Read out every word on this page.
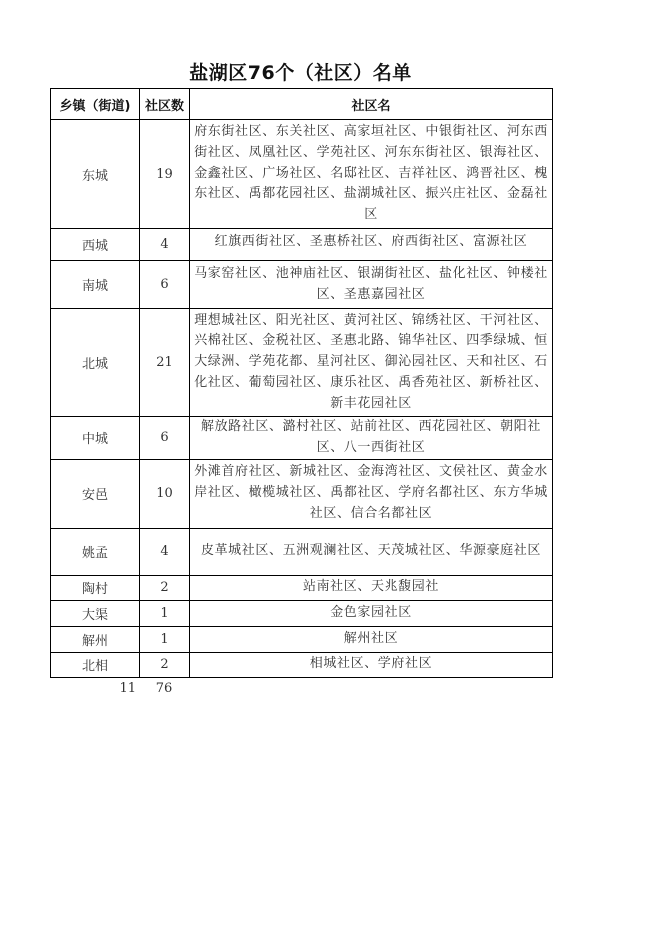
盐湖区76个（社区）名单
乡镇（街道)	社区数	社区名
东城	19	府东街社区、东关社区、高家垣社区、中银街社区、河东西街社区、凤凰社区、学苑社区、河东东街社区、银海社区、金鑫社区、广场社区、名邸社区、吉祥社区、鸿晋社区、槐东社区、禹都花园社区、盐湖城社区、振兴庄社区、金磊社区
西城	4	红旗西街社区、圣惠桥社区、府西街社区、富源社区

南城	6	马家窑社区、池神庙社区、银湖街社区、盐化社区、钟楼社区、圣惠嘉园社区
北城	21	理想城社区、阳光社区、黄河社区、锦绣社区、干河社区、兴棉社区、金税社区、圣惠北路、锦华社区、四季绿城、恒大绿洲、学苑花都、星河社区、御沁园社区、天和社区、石化社区、葡萄园社区、康乐社区、禹香苑社区、新桥社区、新丰花园社区
中城	6	解放路社区、潞村社区、站前社区、西花园社区、朝阳社区、八一西街社区
安邑	10	外滩首府社区、新城社区、金海湾社区、文侯社区、黄金水岸社区、橄榄城社区、禹都社区、学府名都社区、东方华城社区、信合名都社区
姚孟	4	皮革城社区、五洲观澜社区、天茂城社区、华源豪庭社区
陶村	2	站南社区、天兆馥园社
大渠	1	金色家园社区
解州	1	解州社区
北相	2	相城社区、学府社区
11	76
